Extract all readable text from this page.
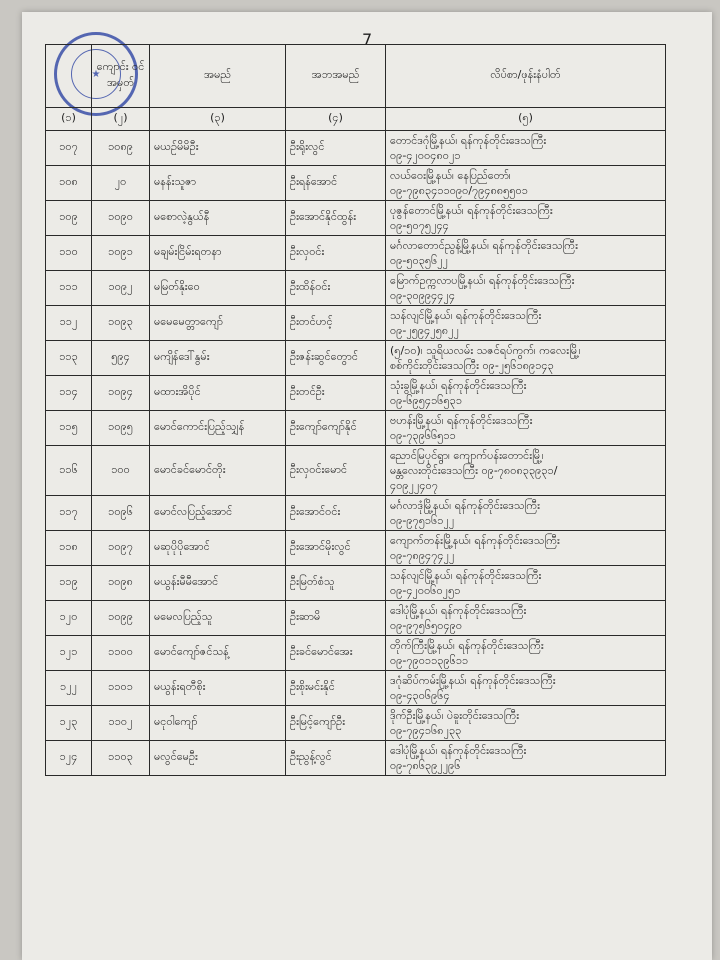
7
★
	ကျောင်း ဝင် အမှတ်	အမည်	အဘအမည်	လိပ်စာ/ဖုန်းနံပါတ်
(၁)	(၂)	(၃)	(၄)	(၅)
၁၀၇	၁၀၈၉	မယဉ်မိမိဦး	ဦးရိုးလွင်	တောင်ဒဂုံမြို့နယ်၊ ရန်ကုန်တိုင်းဒေသကြီး
၀၉-၄၂၀၀၄၈၀၂၁

၁၀၈	၂၀	မနန်းသူဇာ	ဦးရန်အောင်	လယ်ဝေးမြို့နယ်၊ နေပြည်တော်၊
၀၉-၇၉၈၃၄၁၁၀၉၀/၇၉၄၈၈၅၅၀၁

၁၀၉	၁၀၉၀	မစောလဲ့နွယ်နီ	ဦးအောင်နိုင်ထွန်း	ပုဇွန်တောင်မြို့နယ်၊ ရန်ကုန်တိုင်းဒေသကြီး
၀၉-၅၀၇၅၂၄၄

၁၁၀	၁၀၉၁	မချမ်းငြိမ်းရတနာ	ဦးလှဝင်း	မင်္ဂလာတောင်ညွန့်မြို့နယ်၊ ရန်ကုန်တိုင်းဒေသကြီး
၀၉-၅၀၃၅၆၂၂

၁၁၁	၁၀၉၂	မမြတ်နိုးဝေ	ဦးထိန်ဝင်း	မြောက်ဥက္ကလာပမြို့နယ်၊ ရန်ကုန်တိုင်းဒေသကြီး
၀၉-၃၀၉၉၄၄၂၄

၁၁၂	၁၀၉၃	မမေမေတ္တာကျော်	ဦးတင်ဟင့်	သန်လျင်မြို့နယ်၊ ရန်ကုန်တိုင်းဒေသကြီး
၀၉-၂၅၉၄၂၅၈၂၂

၁၁၃	၅၉၄	မကျိန်ဒေါ်နွမ်း	ဦးဇန်းဆွင်တွောင်	(၅/၁၀)၊ သူရိယလမ်း သဇင်ရပ်ကွက်၊ ကလေးမြို့၊
စစ်ကိုင်းတိုင်းဒေသကြီး ၀၉-၂၅၆၁၈၉၁၄၃

၁၁၄	၁၀၉၄	မထားအိပိုင်	ဦးတင်ဦး	သုံးခွမြို့နယ်၊ ရန်ကုန်တိုင်းဒေသကြီး
၀၉-၆၉၅၄၁၆၅၃၁

၁၁၅	၁၀၉၅	မောင်ကောင်းပြည့်သျှန်	ဦးကျော်ကျော်နိုင်	ဗဟန်းမြို့နယ်၊ ရန်ကုန်တိုင်းဒေသကြီး
၀၉-၇၃၉၆၆၅၁၁

၁၁၆	၁၀၀	မောင်ခင်မောင်တိုး	ဦးလှဝင်းမောင်	ညောင်မြပုင်ရွာ၊ ကျောက်ပန်းတောင်းမြို့၊
မန္တလေးတိုင်းဒေသကြီး ၀၉-၇၈၀၈၃၃၉၃၁/
၄၀၉၂၂၄၀၇

၁၁၇	၁၀၉၆	မောင်လပြည့်အောင်	ဦးအောင်ဝင်း	မင်္ဂလာဒုံမြို့နယ်၊ ရန်ကုန်တိုင်းဒေသကြီး
၀၉-၉၇၅၁၆၁၂၂

၁၁၈	၁၀၉၇	မဆုပိုပိုအောင်	ဦးအောင်မိုးလွင်	ကျောက်တန်းမြို့နယ်၊ ရန်ကုန်တိုင်းဒေသကြီး
၀၉-၇၈၉၄၇၄၂၂

၁၁၉	၁၀၉၈	မယွန်းမီမီအောင်	ဦးမြတ်စံသူ	သန်လျင်မြို့နယ်၊ ရန်ကုန်တိုင်းဒေသကြီး
၀၉-၄၂၀၀၆၀၂၅၁

၁၂၀	၁၀၉၉	မမေလပြည့်သူ	ဦးဆာမိ	ဒေါပုံမြို့နယ်၊ ရန်ကုန်တိုင်းဒေသကြီး
၀၉-၉၇၅၆၅၀၄၉၀

၁၂၁	၁၁၀၀	မောင်ကျော်ဇင်သန့်	ဦးခင်မောင်အေး	တိုက်ကြီးမြို့နယ်၊ ရန်ကုန်တိုင်းဒေသကြီး
၀၉-၇၉၀၁၁၃၉၆၁၁

၁၂၂	၁၁၀၁	မယွန်းရတီစိုး	ဦးစိုးမင်းနိုင်	ဒဂုံဆိပ်ကမ်းမြို့နယ်၊ ရန်ကုန်တိုင်းဒေသကြီး
၀၉-၄၃၀၆၉၆၄

၁၂၃	၁၁၀၂	မငုဝါကျော်	ဦးမြင့်ကျော်ဦး	ဒိုက်ဦးမြို့နယ်၊ ပဲခူးတိုင်းဒေသကြီး
၀၉-၇၉၄၁၆၈၂၃၃

၁၂၄	၁၁၀၃	မလွင်မေဦး	ဦးညွန့်လွင်	ဒေါပုံမြို့နယ်၊ ရန်ကုန်တိုင်းဒေသကြီး
၀၉-၇၈၆၃၉၂၂၉၆
